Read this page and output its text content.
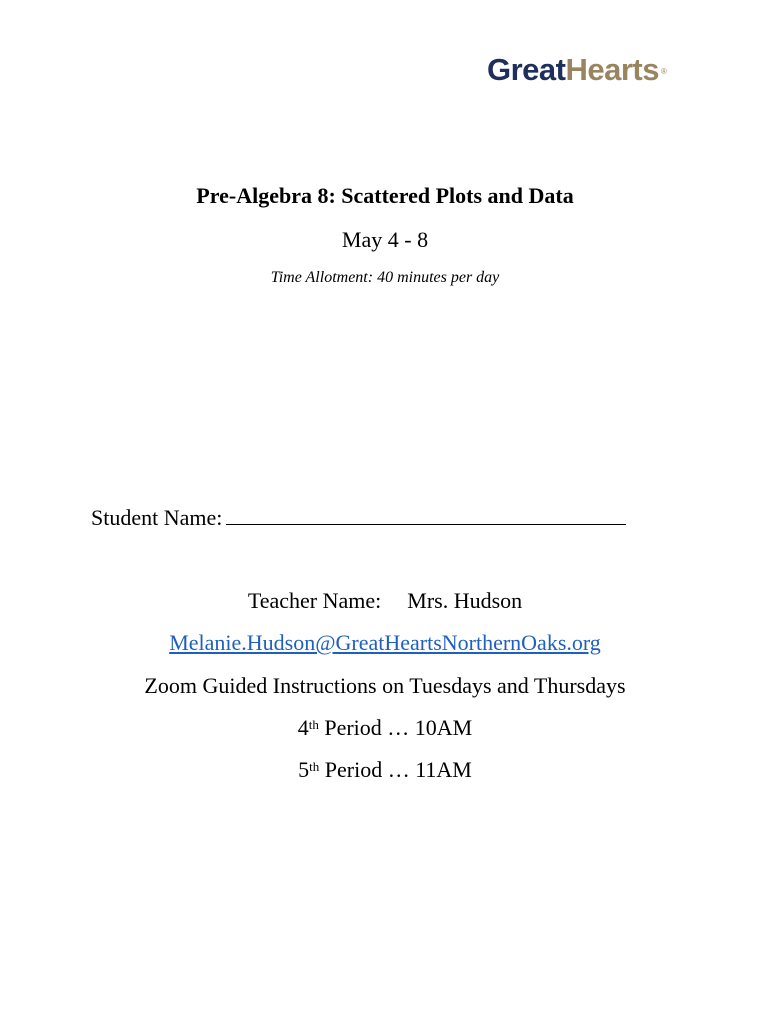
GreatHearts ®
Pre-Algebra 8: Scattered Plots and Data
May 4 - 8
Time Allotment: 40 minutes per day
Student Name:
Teacher Name: Mrs. Hudson
Melanie.Hudson@GreatHeartsNorthernOaks.org
Zoom Guided Instructions on Tuesdays and Thursdays
4th Period … 10AM
5th Period … 11AM
